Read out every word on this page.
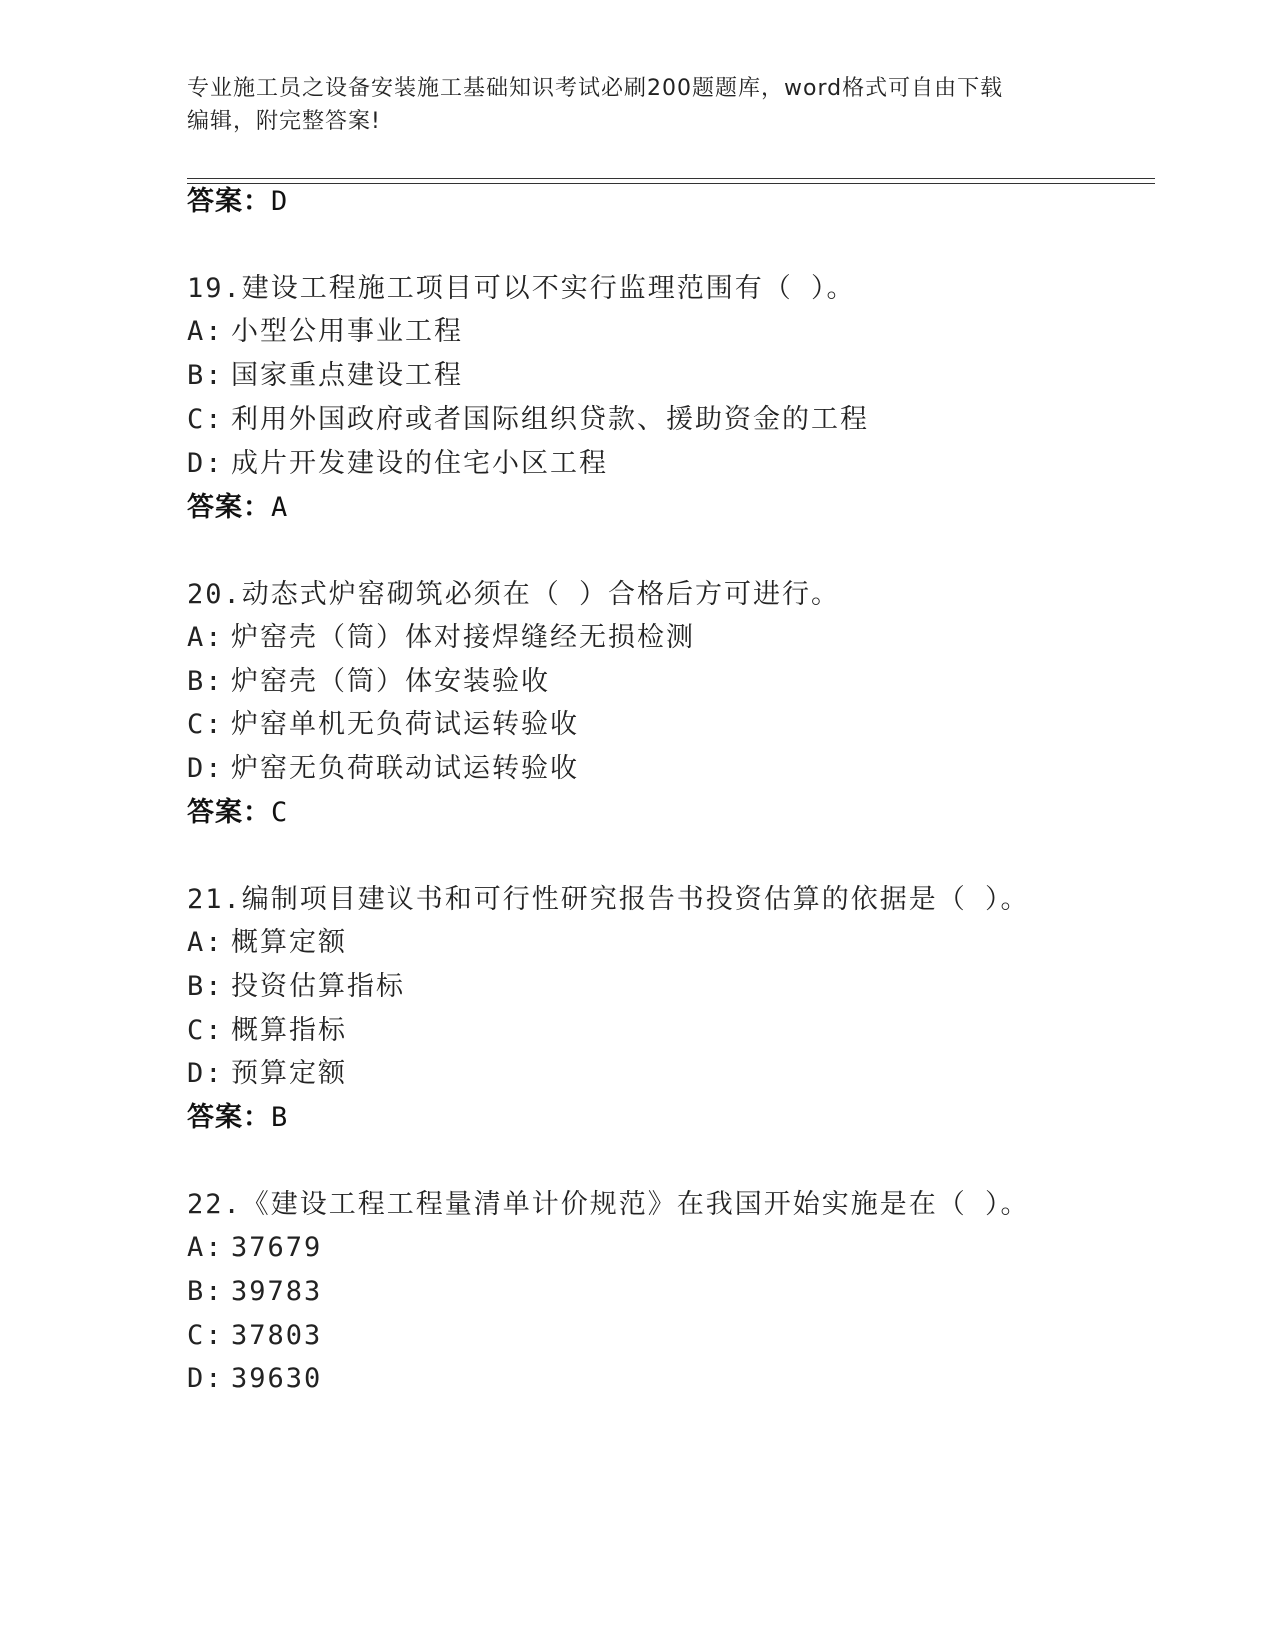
专业施工员之设备安装施工基础知识考试必刷200题题库，word格式可自由下载
编辑，附完整答案!
答案：D
19.建设工程施工项目可以不实行监理范围有（ ）。
A: 小型公用事业工程
B: 国家重点建设工程
C: 利用外国政府或者国际组织贷款、援助资金的工程
D: 成片开发建设的住宅小区工程
答案：A
20.动态式炉窑砌筑必须在（ ）合格后方可进行。
A: 炉窑壳（筒）体对接焊缝经无损检测
B: 炉窑壳（筒）体安装验收
C: 炉窑单机无负荷试运转验收
D: 炉窑无负荷联动试运转验收
答案：C
21.编制项目建议书和可行性研究报告书投资估算的依据是（ ）。
A: 概算定额
B: 投资估算指标
C: 概算指标
D: 预算定额
答案：B
22.《建设工程工程量清单计价规范》在我国开始实施是在（ ）。
A: 37679
B: 39783
C: 37803
D: 39630
